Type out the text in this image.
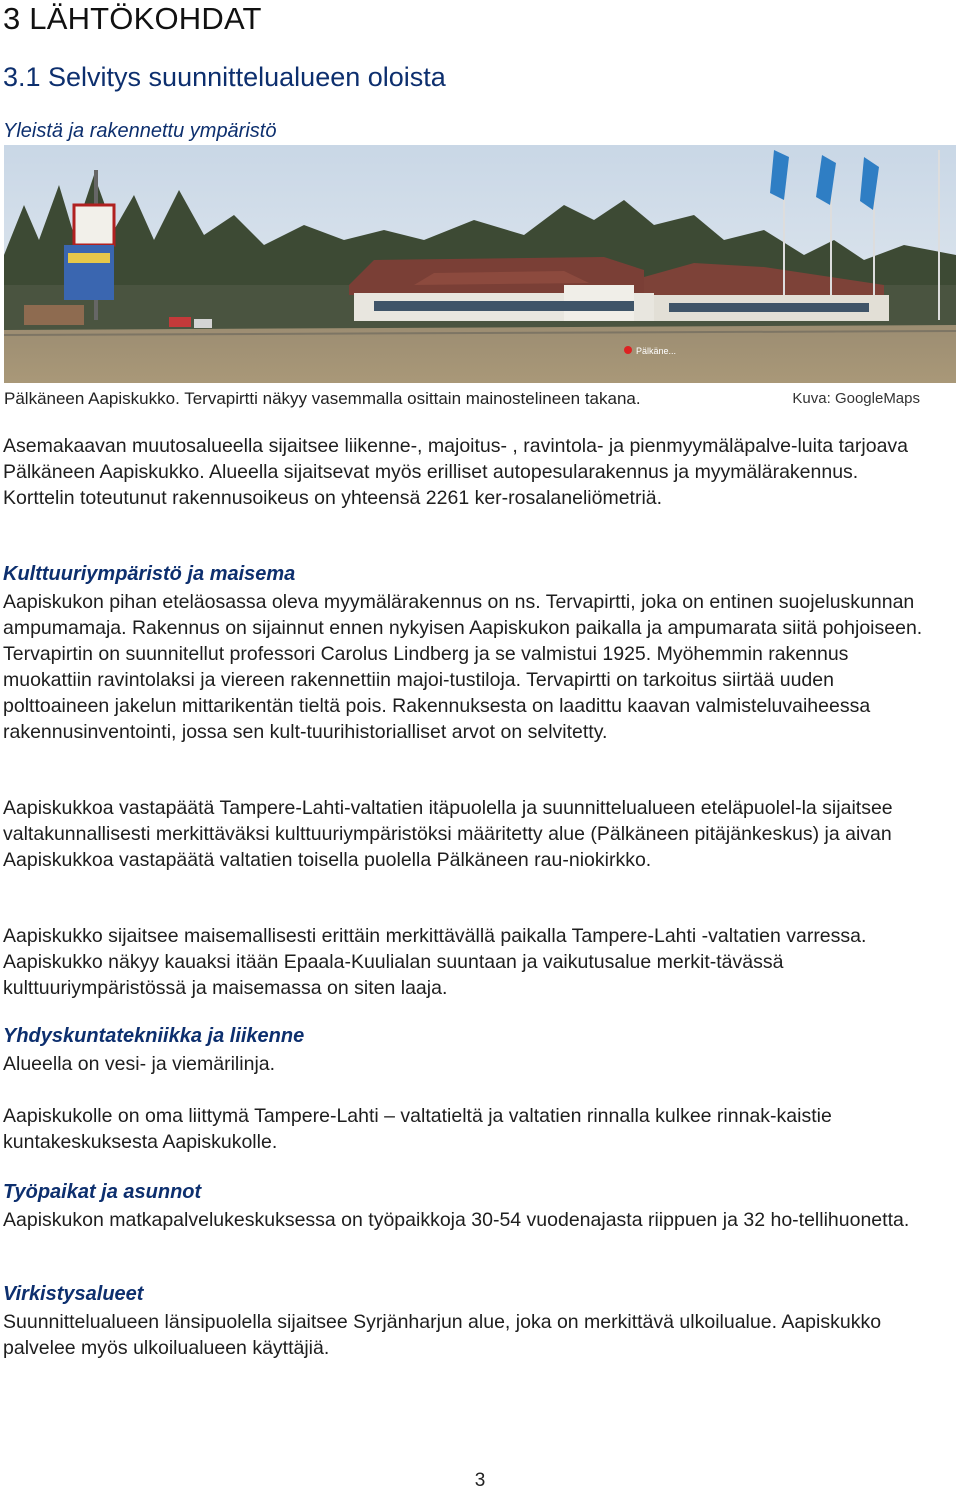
3 LÄHTÖKOHDAT
3.1 Selvitys suunnittelualueen oloista
Yleistä ja rakennettu ympäristö
Pälkäne...
Pälkäneen Aapiskukko. Tervapirtti näkyy vasemmalla osittain mainostelineen takana.	Kuva: GoogleMaps

Asemakaavan muutosalueella sijaitsee liikenne-, majoitus- , ravintola- ja pienmyymäläpalve-luita tarjoava Pälkäneen Aapiskukko. Alueella sijaitsevat myös erilliset autopesularakennus ja myymälärakennus. Korttelin toteutunut rakennusoikeus on yhteensä 2261 ker-rosalaneliömetriä.

Kulttuuriympäristö ja maisema

Aapiskukon pihan eteläosassa oleva myymälärakennus on ns. Tervapirtti, joka on entinen suojeluskunnan ampumamaja. Rakennus on sijainnut ennen nykyisen Aapiskukon paikalla ja ampumarata siitä pohjoiseen. Tervapirtin on suunnitellut professori Carolus Lindberg ja se valmistui 1925. Myöhemmin rakennus muokattiin ravintolaksi ja viereen rakennettiin majoi-tustiloja. Tervapirtti on tarkoitus siirtää uuden polttoaineen jakelun mittarikentän tieltä pois. Rakennuksesta on laadittu kaavan valmisteluvaiheessa rakennusinventointi, jossa sen kult-tuurihistorialliset arvot on selvitetty.

Aapiskukkoa vastapäätä Tampere-Lahti-valtatien itäpuolella ja suunnittelualueen eteläpuolel-la sijaitsee valtakunnallisesti merkittäväksi kulttuuriympäristöksi määritetty alue (Pälkäneen pitäjänkeskus) ja aivan Aapiskukkoa vastapäätä valtatien toisella puolella Pälkäneen rau-niokirkko.

Aapiskukko sijaitsee maisemallisesti erittäin merkittävällä paikalla Tampere-Lahti -valtatien varressa. Aapiskukko näkyy kauaksi itään Epaala-Kuulialan suuntaan ja vaikutusalue merkit-tävässä kulttuuriympäristössä ja maisemassa on siten laaja.

Yhdyskuntatekniikka ja liikenne

Alueella on vesi- ja viemärilinja.

Aapiskukolle on oma liittymä Tampere-Lahti – valtatieltä ja valtatien rinnalla kulkee rinnak-kaistie kuntakeskuksesta Aapiskukolle.

Työpaikat ja asunnot

Aapiskukon matkapalvelukeskuksessa on työpaikkoja 30-54 vuodenajasta riippuen ja 32 ho-tellihuonetta.

Virkistysalueet

Suunnittelualueen länsipuolella sijaitsee Syrjänharjun alue, joka on merkittävä ulkoilualue. Aapiskukko palvelee myös ulkoilualueen käyttäjiä.

3
